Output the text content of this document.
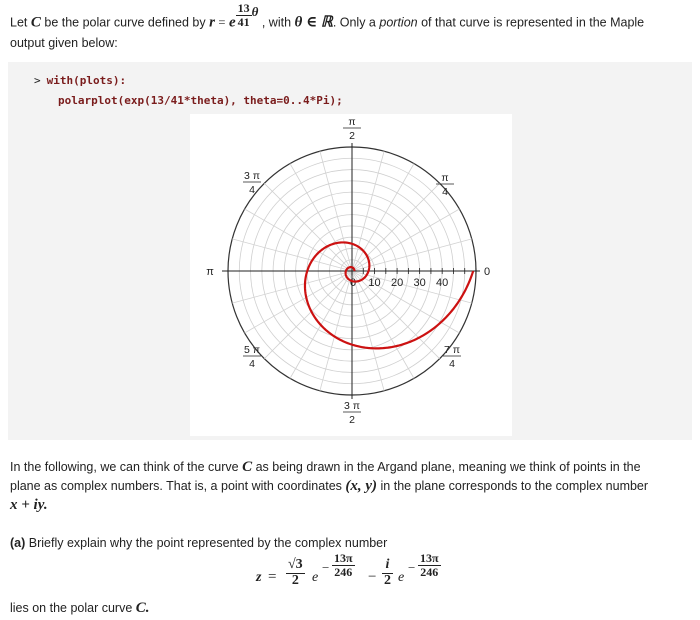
Let C be the polar curve defined by r = e $\frac{13}{41}$ θ , with θ ∈ ℝ. Only a portion of that curve is represented in the Maple
output given below:
> with(plots):
polarplot(exp(13/41*theta), theta=0..4*Pi);
0 10 20 30 40
0
π
π
2
π
4
3 π
4
5 π
4
3 π
2
7 π
4
In the following, we can think of the curve C as being drawn in the Argand plane, meaning we think of points in the
plane as complex numbers. That is, a point with coordinates (x, y) in the plane corresponds to the complex number
x + iy.
(a) Briefly explain why the point represented by the complex number
$z = \frac{√3}{2}$ e
− $\frac{13\pi}{246} - \frac{i}{2}$ e
− $\frac{13\pi}{246}$
lies on the polar curve C.
